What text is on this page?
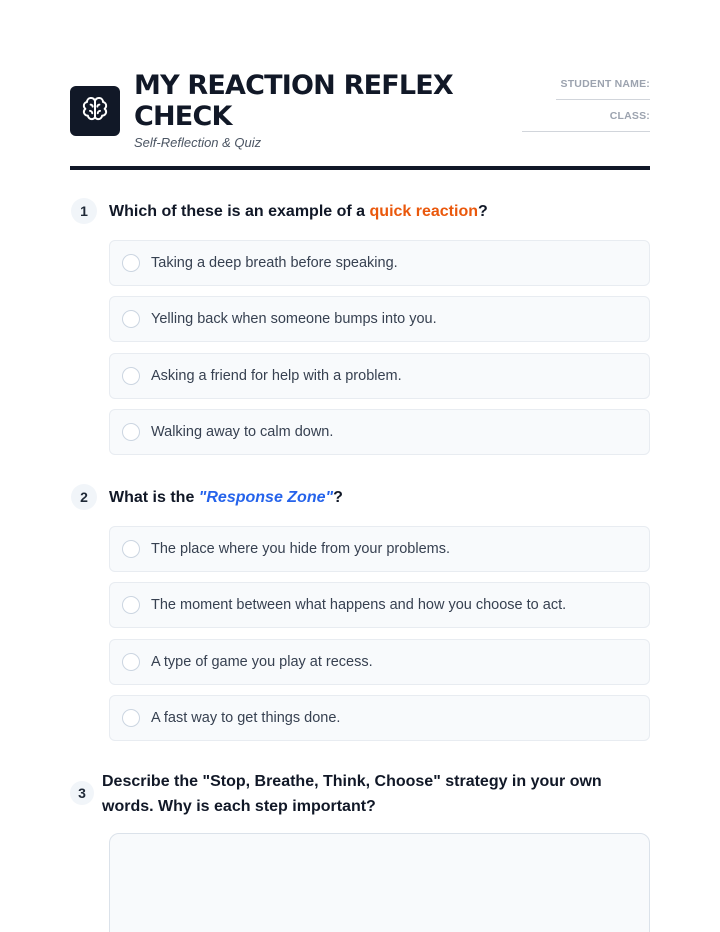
MY REACTION REFLEX CHECK
Self-Reflection & Quiz
STUDENT NAME:
CLASS:
1	Which of these is an example of a quick reaction?
Taking a deep breath before speaking.
Yelling back when someone bumps into you.
Asking a friend for help with a problem.
Walking away to calm down.
2	What is the "Response Zone"?
The place where you hide from your problems.
The moment between what happens and how you choose to act.
A type of game you play at recess.
A fast way to get things done.
3
Describe the "Stop, Breathe, Think, Choose" strategy in your own words. Why is each step important?
